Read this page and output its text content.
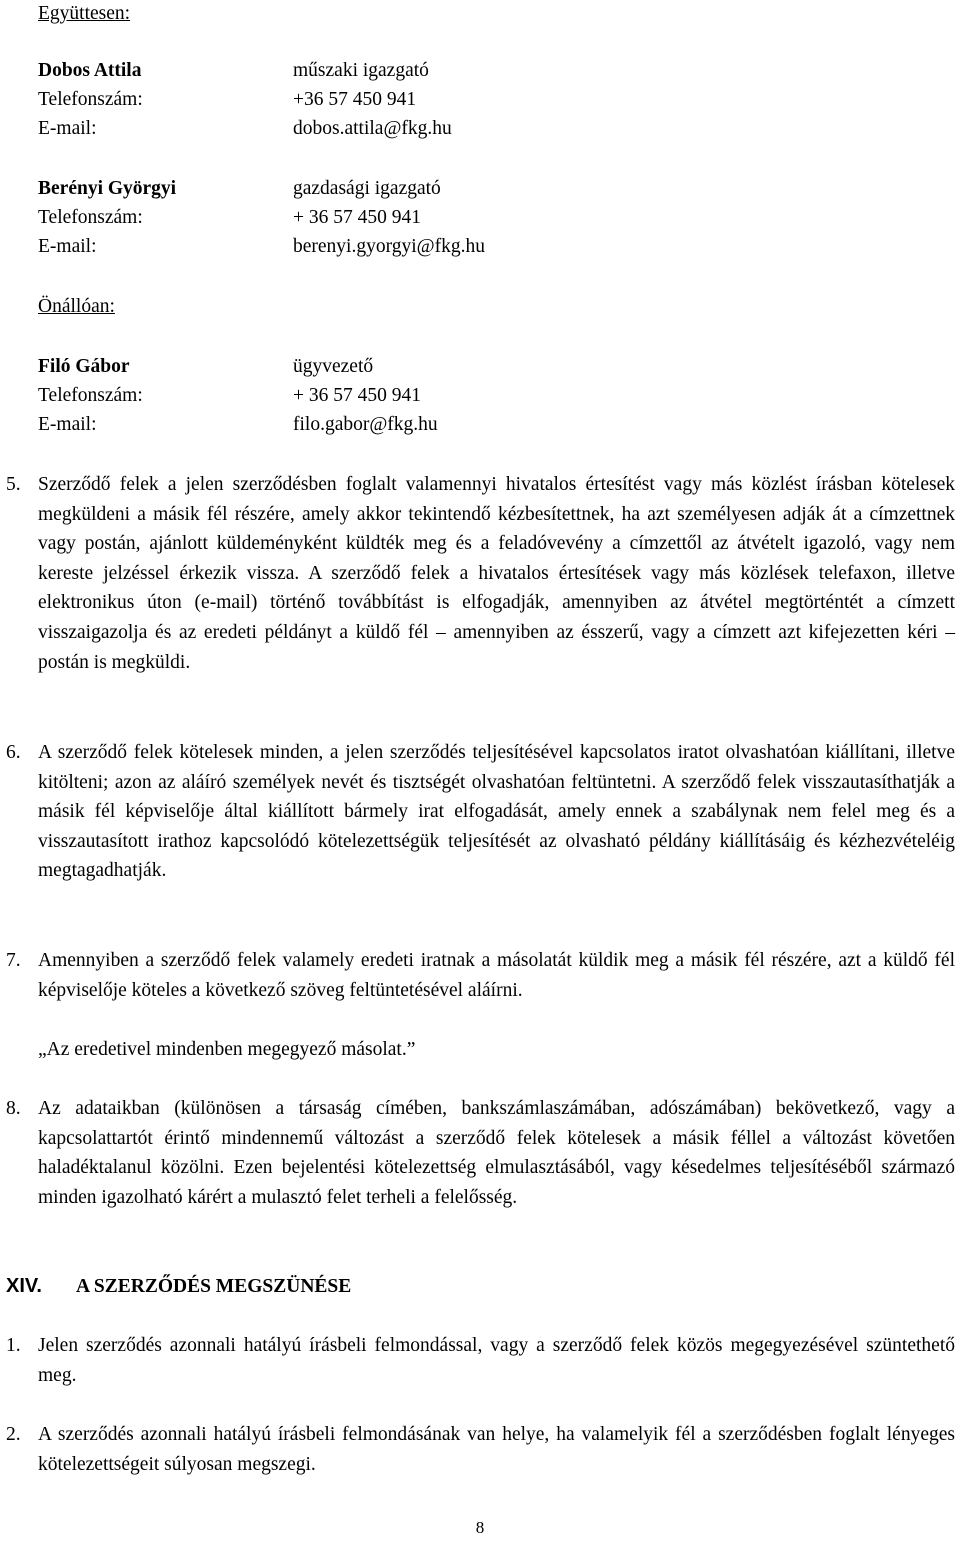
Együttesen:
Dobos Attila	műszaki igazgató
Telefonszám:	+36 57 450 941
E-mail:	dobos.attila@fkg.hu
Berényi Györgyi	gazdasági igazgató
Telefonszám:	+ 36 57 450 941
E-mail:	berenyi.gyorgyi@fkg.hu
Önállóan:
Filó Gábor	ügyvezető
Telefonszám:	+ 36 57 450 941
E-mail:	filo.gabor@fkg.hu
5. Szerződő felek a jelen szerződésben foglalt valamennyi hivatalos értesítést vagy más közlést írásban kötelesek megküldeni a másik fél részére, amely akkor tekintendő kézbesítettnek, ha azt személyesen adják át a címzettnek vagy postán, ajánlott küldeményként küldték meg és a feladóvevény a címzettől az átvételt igazoló, vagy nem kereste jelzéssel érkezik vissza. A szerződő felek a hivatalos értesítések vagy más közlések telefaxon, illetve elektronikus úton (e-mail) történő továbbítást is elfogadják, amennyiben az átvétel megtörténtét a címzett visszaigazolja és az eredeti példányt a küldő fél – amennyiben az ésszerű, vagy a címzett azt kifejezetten kéri – postán is megküldi.
6. A szerződő felek kötelesek minden, a jelen szerződés teljesítésével kapcsolatos iratot olvashatóan kiállítani, illetve kitölteni; azon az aláíró személyek nevét és tisztségét olvashatóan feltüntetni. A szerződő felek visszautasíthatják a másik fél képviselője által kiállított bármely irat elfogadását, amely ennek a szabálynak nem felel meg és a visszautasított irathoz kapcsolódó kötelezettségük teljesítését az olvasható példány kiállításáig és kézhezvételéig megtagadhatják.
7. Amennyiben a szerződő felek valamely eredeti iratnak a másolatát küldik meg a másik fél részére, azt a küldő fél képviselője köteles a következő szöveg feltüntetésével aláírni.
„Az eredetivel mindenben megegyező másolat.”
8. Az adataikban (különösen a társaság címében, bankszámlaszámában, adószámában) bekövetkező, vagy a kapcsolattartót érintő mindennemű változást a szerződő felek kötelesek a másik féllel a változást követően haladéktalanul közölni. Ezen bejelentési kötelezettség elmulasztásából, vagy késedelmes teljesítéséből származó minden igazolható kárért a mulasztó felet terheli a felelősség.
XIV. A SZERZŐDÉS MEGSZÜNÉSE
1. Jelen szerződés azonnali hatályú írásbeli felmondással, vagy a szerződő felek közös megegyezésével szüntethető meg.
2. A szerződés azonnali hatályú írásbeli felmondásának van helye, ha valamelyik fél a szerződésben foglalt lényeges kötelezettségeit súlyosan megszegi.
8
